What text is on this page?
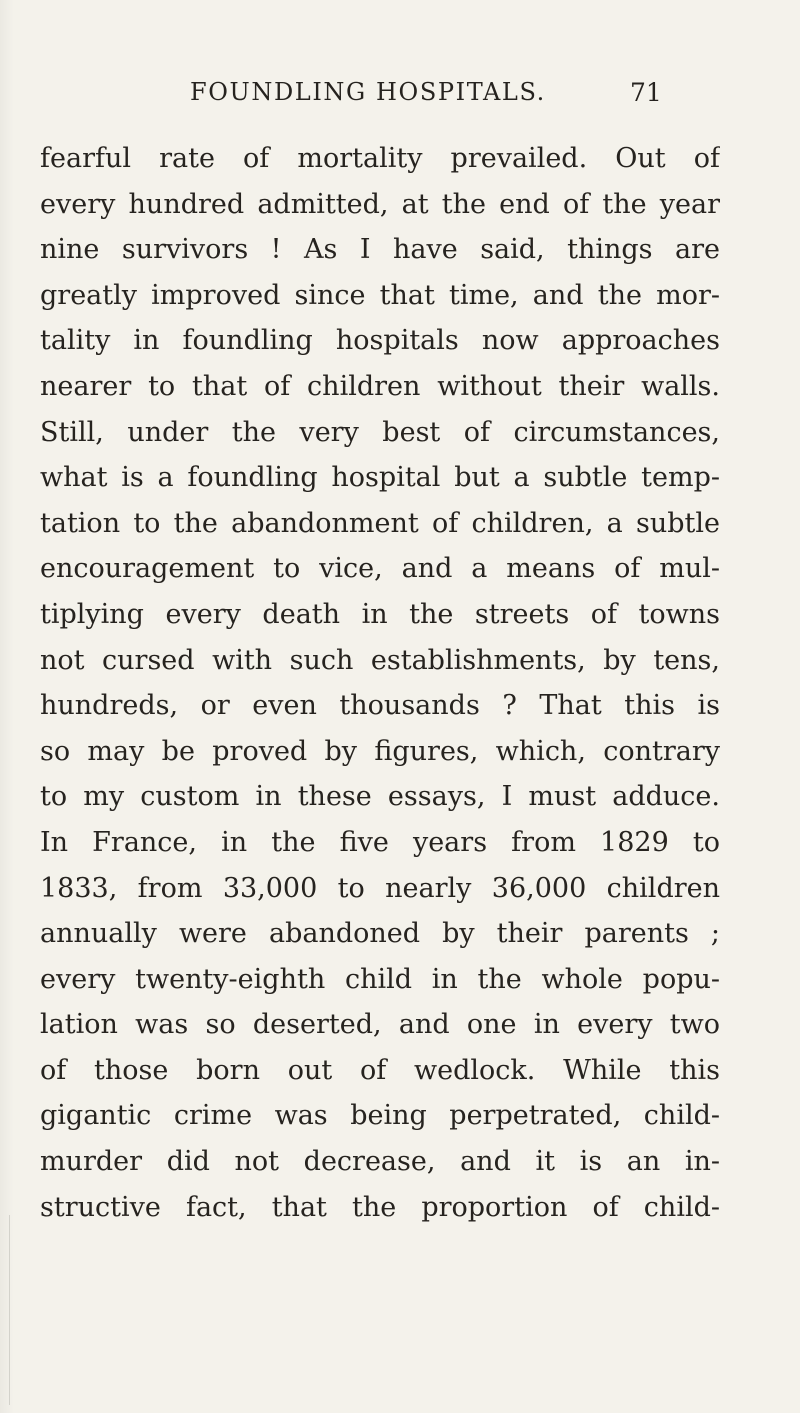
FOUNDLING HOSPITALS.	71
fearful rate of mortality prevailed. Out of
every hundred admitted, at the end of the year
nine survivors ! As I have said, things are
greatly improved since that time, and the mor-
tality in foundling hospitals now approaches
nearer to that of children without their walls.
Still, under the very best of circumstances,
what is a foundling hospital but a subtle temp-
tation to the abandonment of children, a subtle
encouragement to vice, and a means of mul-
tiplying every death in the streets of towns
not cursed with such establishments, by tens,
hundreds, or even thousands ? That this is
so may be proved by figures, which, contrary
to my custom in these essays, I must adduce.
In France, in the five years from 1829 to
1833, from 33,000 to nearly 36,000 children
annually were abandoned by their parents ;
every twenty-eighth child in the whole popu-
lation was so deserted, and one in every two
of those born out of wedlock. While this
gigantic crime was being perpetrated, child-
murder did not decrease, and it is an in-
structive fact, that the proportion of child-
